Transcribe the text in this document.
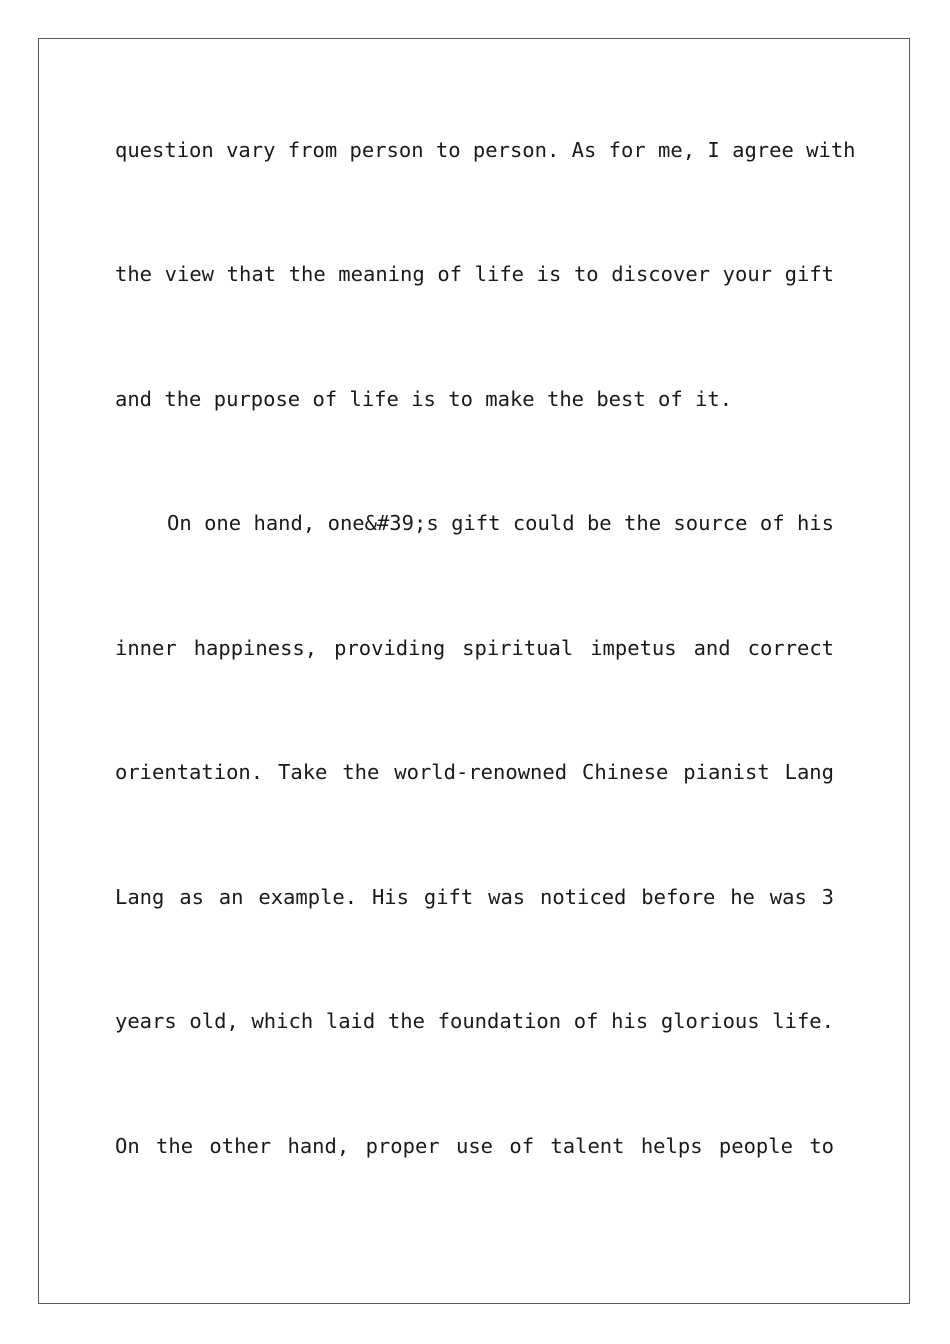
question vary from person to person. As for me, I agree with
the view that the meaning of life is to discover your gift
and the purpose of life is to make the best of it.
On one hand, one&#39;s gift could be the source of his
inner happiness, providing spiritual impetus and correct
orientation. Take the world-renowned Chinese pianist Lang
Lang as an example. His gift was noticed before he was 3
years old, which laid the foundation of his glorious life.
On the other hand, proper use of talent helps people to
